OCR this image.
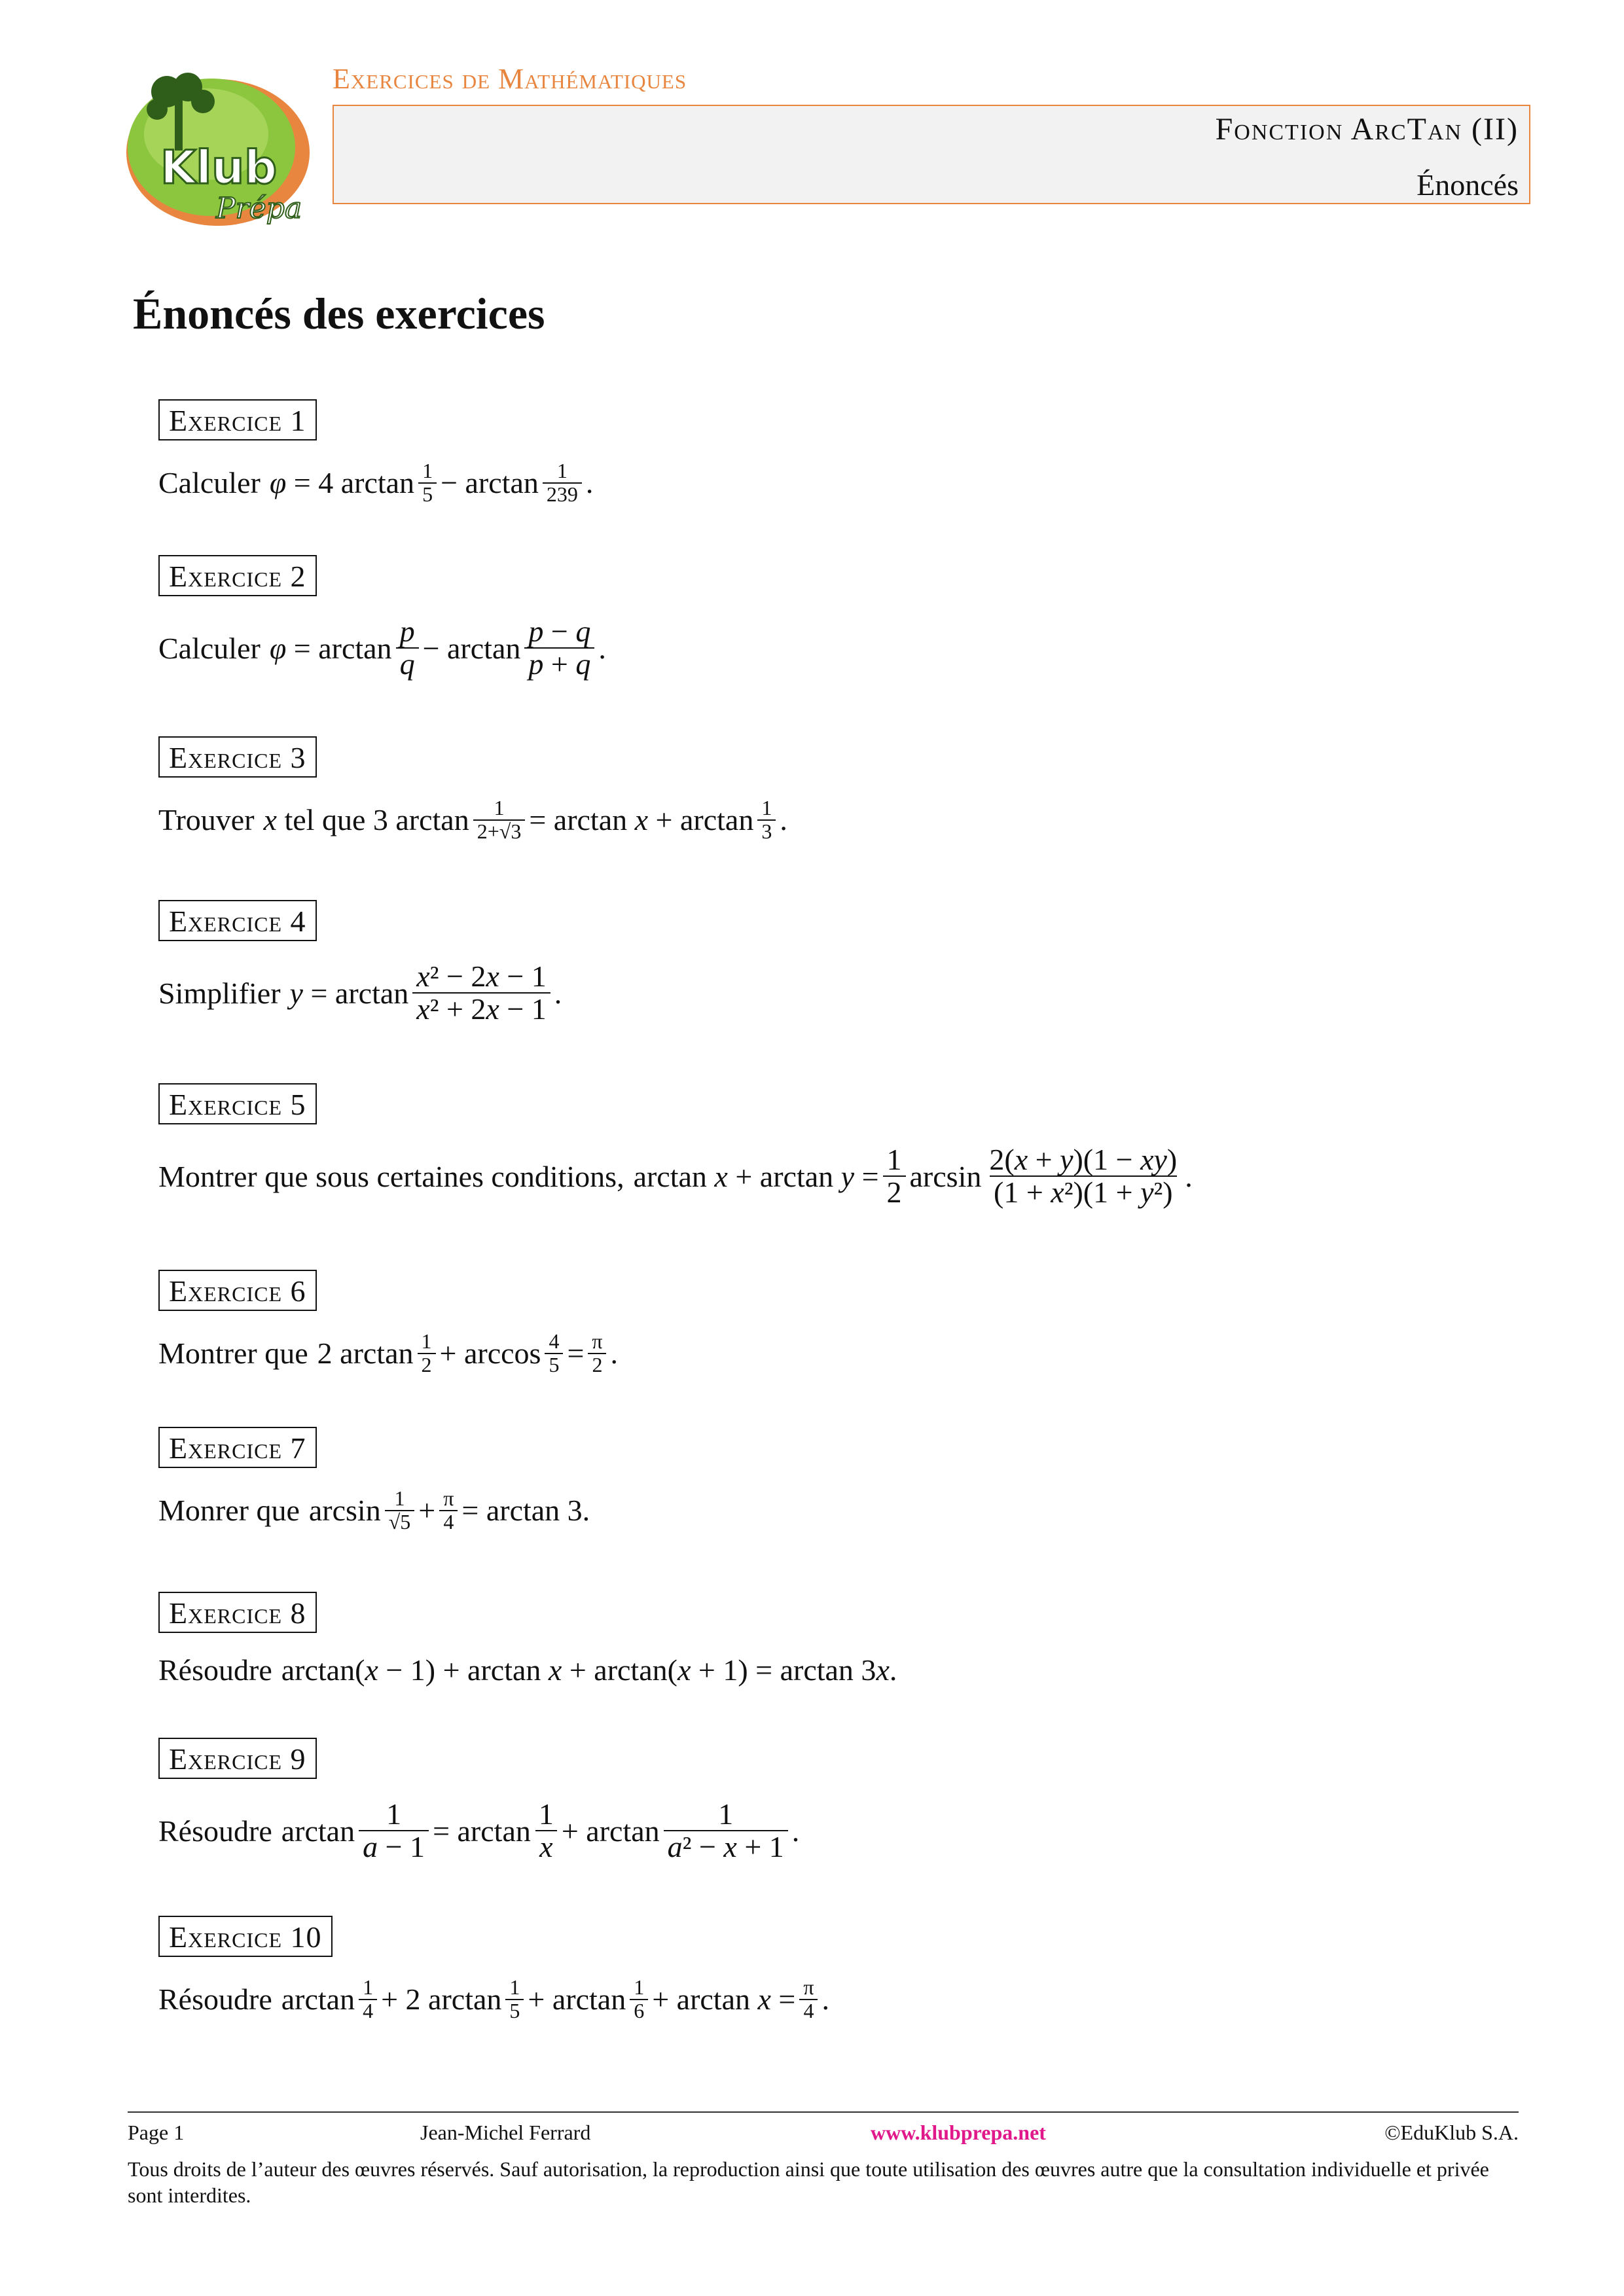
Klub
Prépa
Exercices de Mathématiques
Fonction ArcTan (II)
Énoncés
Énoncés des exercices
Exercice 1
Calculer φ = 4 $\arctan \frac{1}{5} - \arctan \frac{1}{239}$ .
Exercice 2
Calculer $\varphi = \arctan \frac{p}{q} - \arctan \frac{p - q}{p + q}$ .
Exercice 3
Trouver x tel que 3 $\arctan \frac{1}{2+√3} = \arctan x + \arctan \frac{1}{3}$ .
Exercice 4
Simplifier $y = \arctan \frac{\text{x² − 2x − 1}}{\text{x² + 2x − 1}}$ .
Exercice 5
Montrer que sous certaines conditions, $\arctan x + \arctan y = \frac{1}{2}$ $\arcsin \frac{2(x + y)(1 - xy)}{\text{(1 + x²)(1 + y²)}}$ .
Exercice 6
Montrer que 2 $\arctan \frac{1}{2} + \arccos \frac{4}{5} = \frac{\pi}{2}$ .
Exercice 7
Monrer que $\arcsin \frac{1}{√5} + \frac{\pi}{4} = \arctan 3$.
Exercice 8
Résoudre arctan(x − 1) + arctan x + arctan(x + 1) = arctan 3x.
Exercice 9
Résoudre $\arctan \frac{1}{a - 1} = \arctan \frac{1}{x} + \arctan \frac{1}{\text{a² − x + 1}}$ .
Exercice 10
Résoudre $\arctan \frac{1}{4} + 2$ $\arctan \frac{1}{5} + \arctan \frac{1}{6} + \arctan x = \frac{\pi}{4}$ .
Page 1	Jean-Michel Ferrard	www.klubprepa.net	©EduKlub S.A.
Tous droits de l’auteur des œuvres réservés. Sauf autorisation, la reproduction ainsi que toute utilisation des œuvres autre que la consultation individuelle et privée sont interdites.
